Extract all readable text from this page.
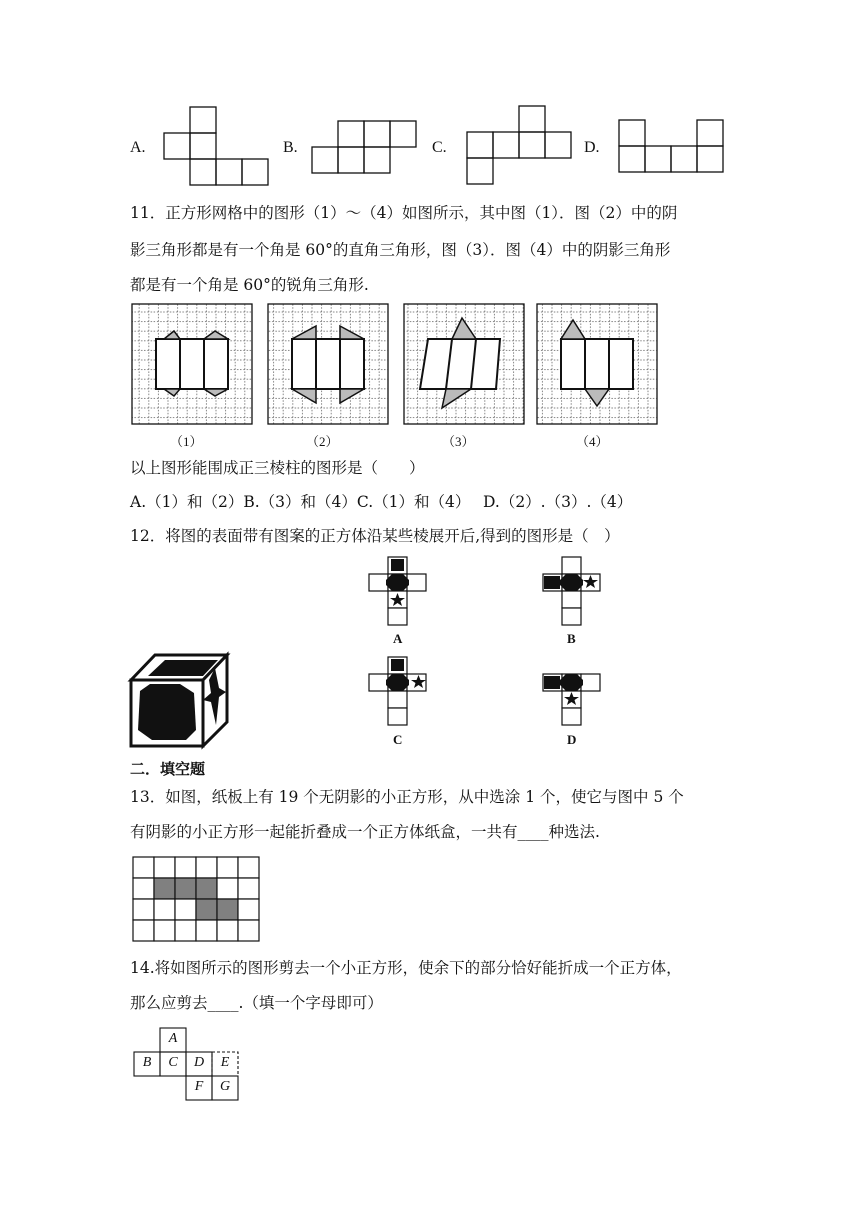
A.	B.	C.	D.
11．正方形网格中的图形（1）～（4）如图所示，其中图（1）．图（2）中的阴
影三角形都是有一个角是 60°的直角三角形，图（3）．图（4）中的阴影三角形
都是有一个角是 60°的锐角三角形.
（1）	（2）	（3）	（4）
以上图形能围成正三棱柱的图形是（　　）
A.（1）和（2）B.（3）和（4）C.（1）和（4）　 D.（2）.（3）.（4）
12．将图的表面带有图案的正方体沿某些棱展开后,得到的图形是（　）
A	B
C	D
二．填空题
13．如图，纸板上有 19 个无阴影的小正方形，从中选涂 1 个，使它与图中 5 个
有阴影的小正方形一起能折叠成一个正方体纸盒，一共有____种选法.
14.将如图所示的图形剪去一个小正方形，使余下的部分恰好能折成一个正方体，
那么应剪去____.（填一个字母即可）
A
B	C	D	E
F	G
